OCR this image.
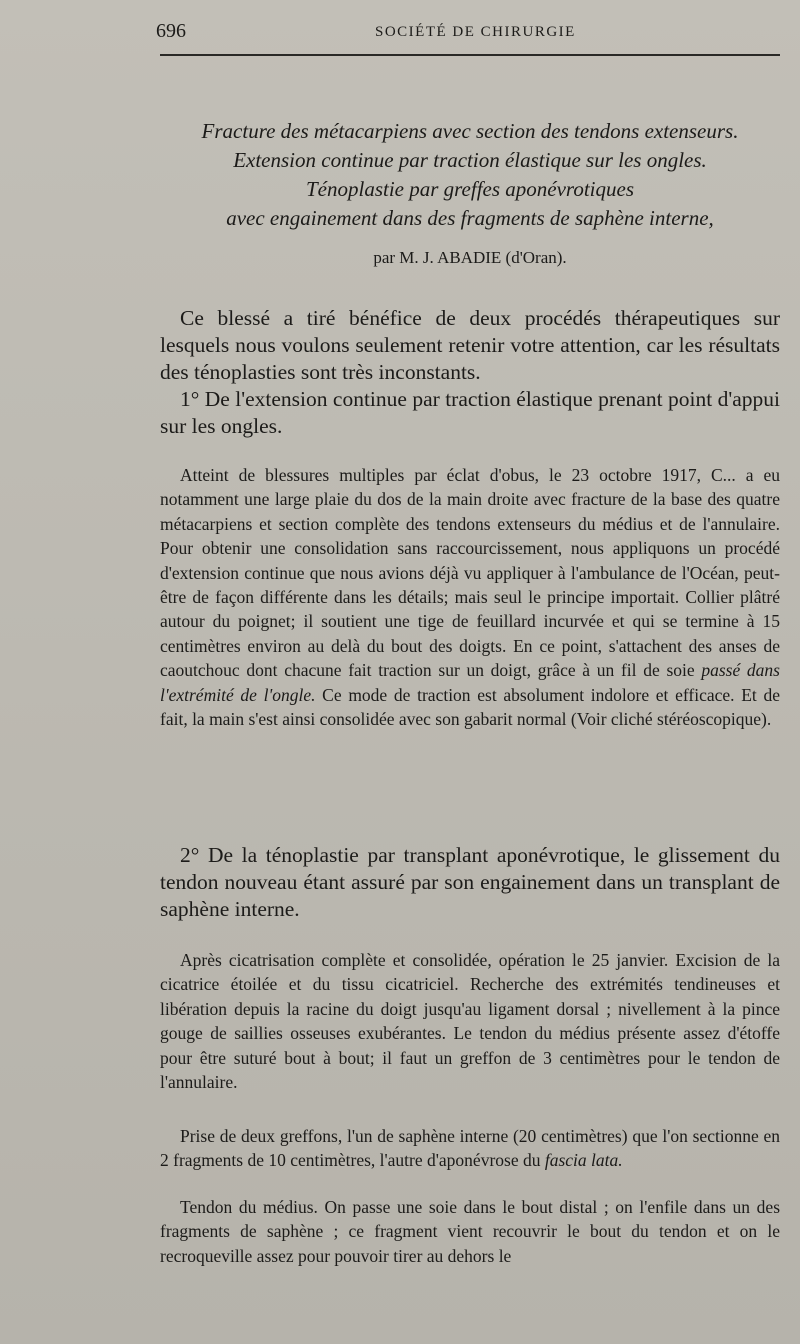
696	SOCIÉTÉ DE CHIRURGIE
Fracture des métacarpiens avec section des tendons extenseurs.
Extension continue par traction élastique sur les ongles.
Ténoplastie par greffes aponévrotiques
avec engainement dans des fragments de saphène interne,
par M. J. ABADIE (d'Oran).

Ce blessé a tiré bénéfice de deux procédés thérapeutiques sur lesquels nous voulons seulement retenir votre attention, car les résultats des ténoplasties sont très inconstants.

1° De l'extension continue par traction élastique prenant point d'appui sur les ongles.

Atteint de blessures multiples par éclat d'obus, le 23 octobre 1917, C... a eu notamment une large plaie du dos de la main droite avec fracture de la base des quatre métacarpiens et section complète des tendons extenseurs du médius et de l'annulaire. Pour obtenir une consolidation sans raccourcissement, nous appliquons un procédé d'extension continue que nous avions déjà vu appliquer à l'ambulance de l'Océan, peut-être de façon différente dans les détails; mais seul le principe importait. Collier plâtré autour du poignet; il soutient une tige de feuillard incurvée et qui se termine à 15 centimètres environ au delà du bout des doigts. En ce point, s'attachent des anses de caoutchouc dont chacune fait traction sur un doigt, grâce à un fil de soie passé dans l'extrémité de l'ongle. Ce mode de traction est absolument indolore et efficace. Et de fait, la main s'est ainsi consolidée avec son gabarit normal (Voir cliché stéréoscopique).

2° De la ténoplastie par transplant aponévrotique, le glissement du tendon nouveau étant assuré par son engainement dans un transplant de saphène interne.

Après cicatrisation complète et consolidée, opération le 25 janvier. Excision de la cicatrice étoilée et du tissu cicatriciel. Recherche des extrémités tendineuses et libération depuis la racine du doigt jusqu'au ligament dorsal ; nivellement à la pince gouge de saillies osseuses exubérantes. Le tendon du médius présente assez d'étoffe pour être suturé bout à bout; il faut un greffon de 3 centimètres pour le tendon de l'annulaire.

Prise de deux greffons, l'un de saphène interne (20 centimètres) que l'on sectionne en 2 fragments de 10 centimètres, l'autre d'aponévrose du fascia lata.

Tendon du médius. On passe une soie dans le bout distal ; on l'enfile dans un des fragments de saphène ; ce fragment vient recouvrir le bout du tendon et on le recroqueville assez pour pouvoir tirer au dehors le
